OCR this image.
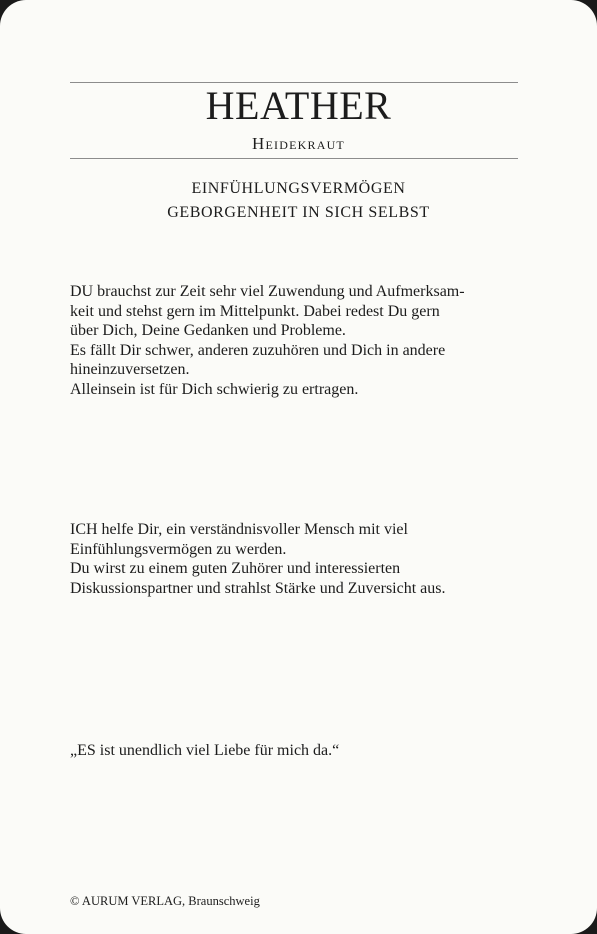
HEATHER
Heidekraut
EINFÜHLUNGSVERMÖGEN
GEBORGENHEIT IN SICH SELBST
DU brauchst zur Zeit sehr viel Zuwendung und Aufmerksam-
keit und stehst gern im Mittelpunkt. Dabei redest Du gern
über Dich, Deine Gedanken und Probleme.
Es fällt Dir schwer, anderen zuzuhören und Dich in andere
hineinzuversetzen.
Alleinsein ist für Dich schwierig zu ertragen.
ICH helfe Dir, ein verständnisvoller Mensch mit viel
Einfühlungsvermögen zu werden.
Du wirst zu einem guten Zuhörer und interessierten
Diskussionspartner und strahlst Stärke und Zuversicht aus.
„ES ist unendlich viel Liebe für mich da.“
© AURUM VERLAG, Braunschweig
